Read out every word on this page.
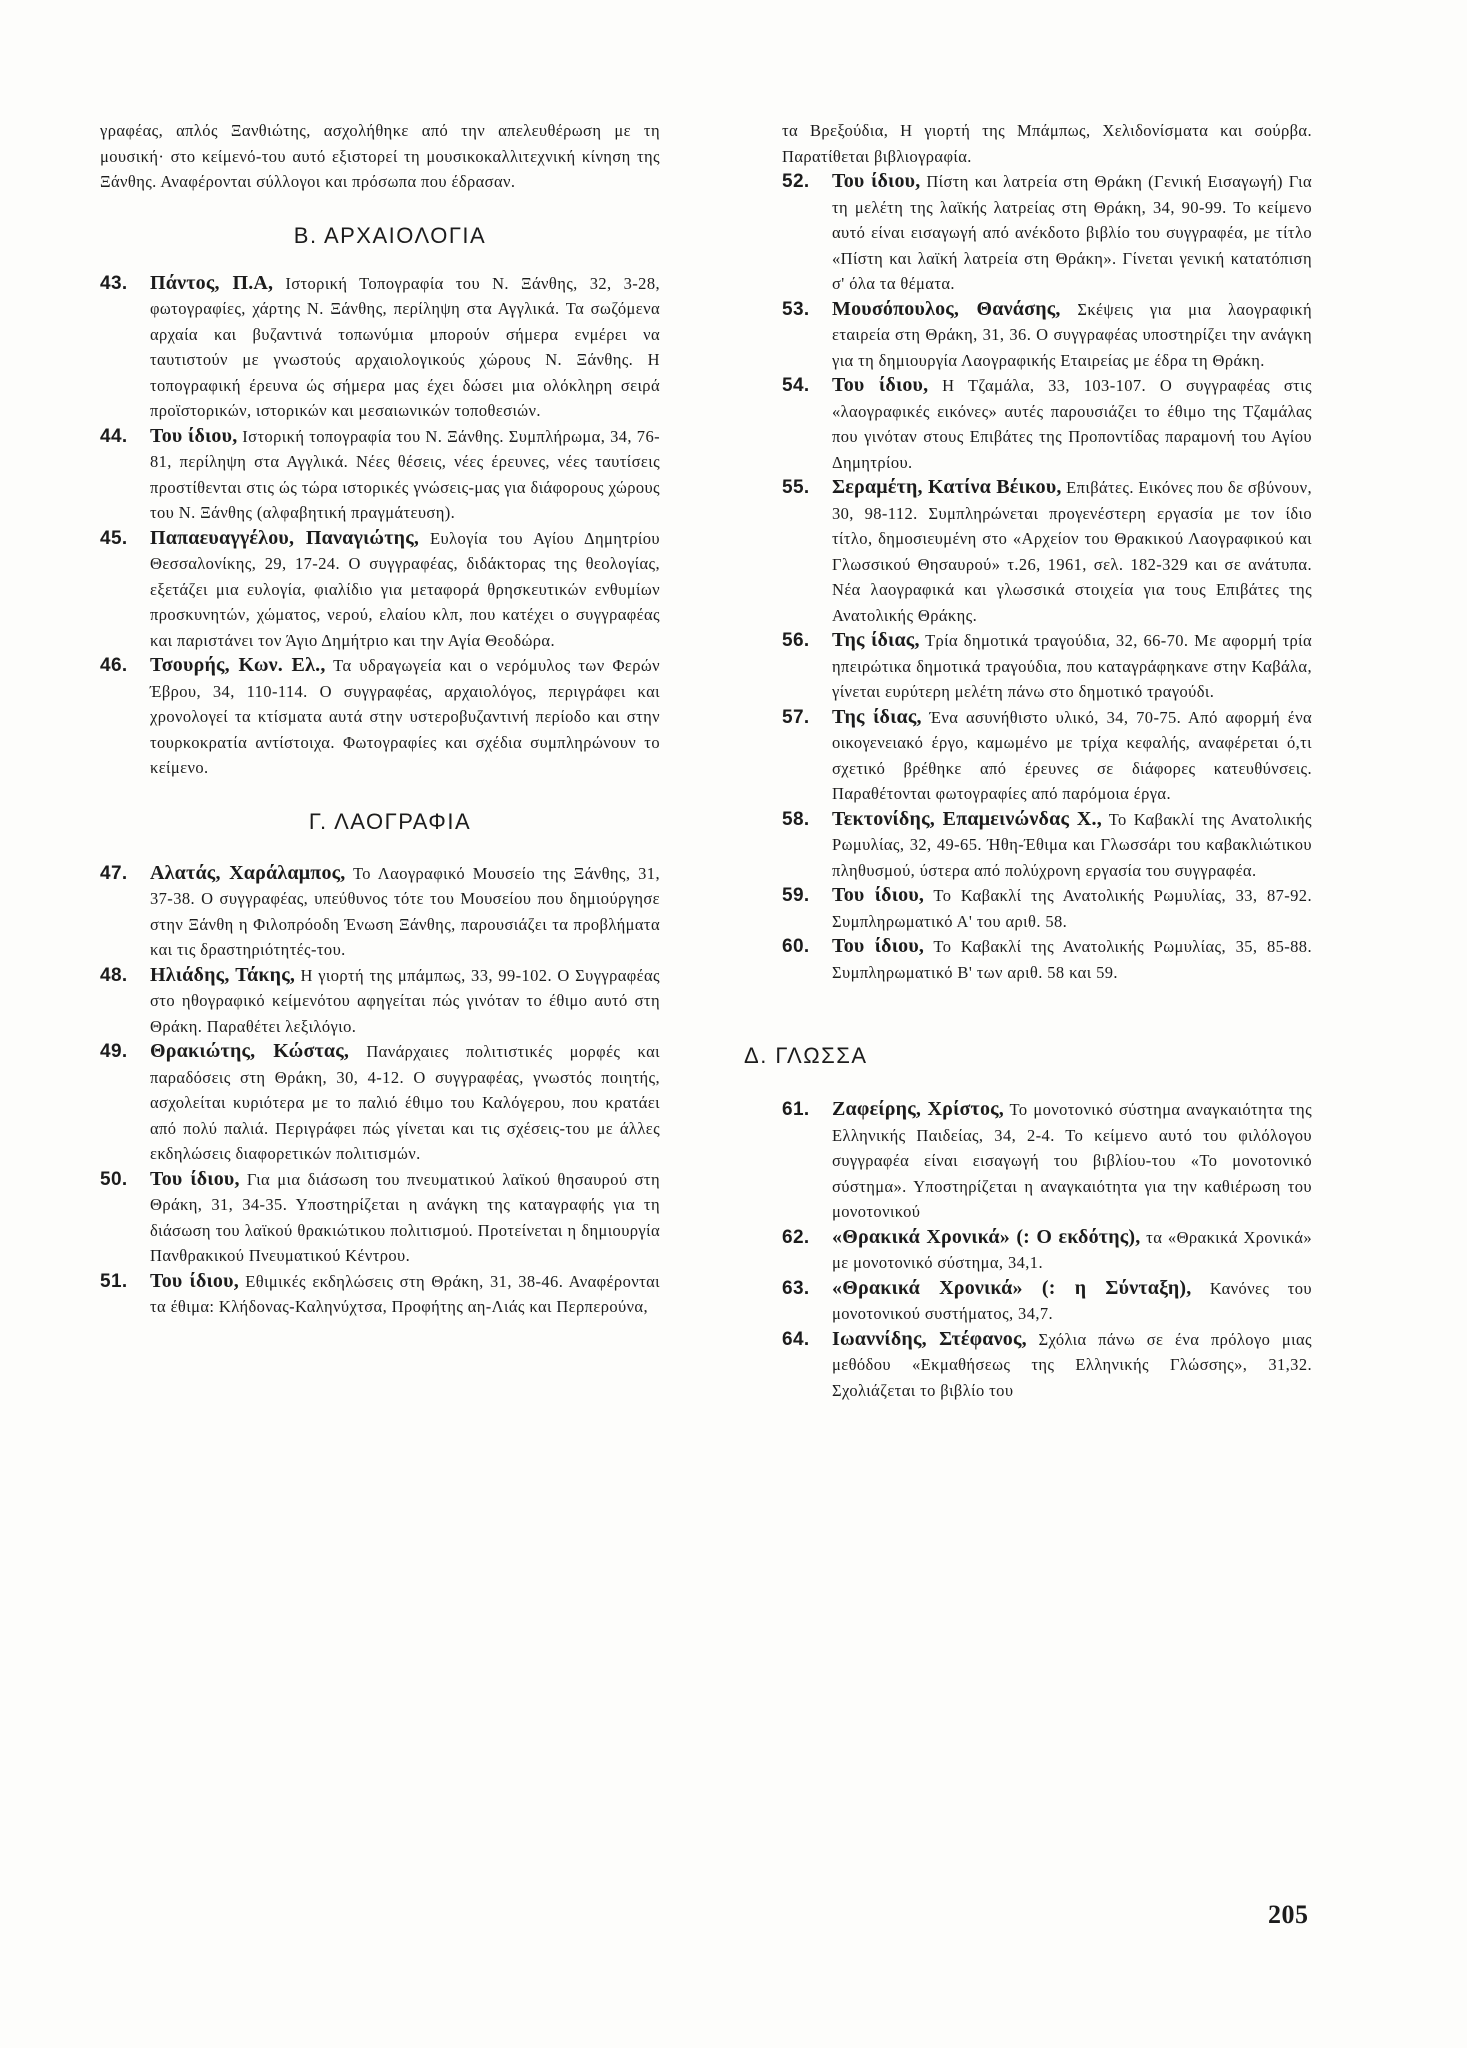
γραφέας, απλός Ξανθιώτης, ασχολήθηκε από την απελευθέρωση με τη μουσική· στο κείμενό-του αυτό εξιστορεί τη μουσικοκαλλιτεχνική κίνηση της Ξάνθης. Αναφέρονται σύλλογοι και πρόσωπα που έδρασαν.

Β. ΑΡΧΑΙΟΛΟΓΙΑ

43.	Πάντος, Π.Α, Ιστορική Τοπογραφία του Ν. Ξάνθης, 32, 3-28, φωτογραφίες, χάρτης Ν. Ξάνθης, περίληψη στα Αγγλικά. Τα σωζόμενα αρχαία και βυζαντινά τοπωνύμια μπορούν σήμερα ενμέρει να ταυτιστούν με γνωστούς αρχαιολογικούς χώρους Ν. Ξάνθης. Η τοπογραφική έρευνα ώς σήμερα μας έχει δώσει μια ολόκληρη σειρά προϊστορικών, ιστορικών και μεσαιωνικών τοποθεσιών.

44.	Του ίδιου, Ιστορική τοπογραφία του Ν. Ξάνθης. Συμπλήρωμα, 34, 76-81, περίληψη στα Αγγλικά. Νέες θέσεις, νέες έρευνες, νέες ταυτίσεις προστίθενται στις ώς τώρα ιστορικές γνώσεις-μας για διάφορους χώρους του Ν. Ξάνθης (αλφαβητική πραγμάτευση).

45.	Παπαευαγγέλου, Παναγιώτης, Ευλογία του Αγίου Δημητρίου Θεσσαλονίκης, 29, 17-24. Ο συγγραφέας, διδάκτορας της θεολογίας, εξετάζει μια ευλογία, φιαλίδιο για μεταφορά θρησκευτικών ενθυμίων προσκυνητών, χώματος, νερού, ελαίου κλπ, που κατέχει ο συγγραφέας και παριστάνει τον Άγιο Δημήτριο και την Αγία Θεοδώρα.

46.	Τσουρής, Κων. Ελ., Τα υδραγωγεία και ο νερόμυλος των Φερών Έβρου, 34, 110-114. Ο συγγραφέας, αρχαιολόγος, περιγράφει και χρονολογεί τα κτίσματα αυτά στην υστεροβυζαντινή περίοδο και στην τουρκοκρατία αντίστοιχα. Φωτογραφίες και σχέδια συμπληρώνουν το κείμενο.

Γ. ΛΑΟΓΡΑΦΙΑ

47.	Αλατάς, Χαράλαμπος, Το Λαογραφικό Μουσείο της Ξάνθης, 31, 37-38. Ο συγγραφέας, υπεύθυνος τότε του Μουσείου που δημιούργησε στην Ξάνθη η Φιλοπρόοδη Ένωση Ξάνθης, παρουσιάζει τα προβλήματα και τις δραστηριότητές-του.

48.	Ηλιάδης, Τάκης, Η γιορτή της μπάμπως, 33, 99-102. Ο Συγγραφέας στο ηθογραφικό κείμενότου αφηγείται πώς γινόταν το έθιμο αυτό στη Θράκη. Παραθέτει λεξιλόγιο.

49.	Θρακιώτης, Κώστας, Πανάρχαιες πολιτιστικές μορφές και παραδόσεις στη Θράκη, 30, 4-12. Ο συγγραφέας, γνωστός ποιητής, ασχολείται κυριότερα με το παλιό έθιμο του Καλόγερου, που κρατάει από πολύ παλιά. Περιγράφει πώς γίνεται και τις σχέσεις-του με άλλες εκδηλώσεις διαφορετικών πολιτισμών.

50.	Του ίδιου, Για μια διάσωση του πνευματικού λαϊκού θησαυρού στη Θράκη, 31, 34-35. Υποστηρίζεται η ανάγκη της καταγραφής για τη διάσωση του λαϊκού θρακιώτικου πολιτισμού. Προτείνεται η δημιουργία Πανθρακικού Πνευματικού Κέντρου.

51.	Του ίδιου, Εθιμικές εκδηλώσεις στη Θράκη, 31, 38-46. Αναφέρονται τα έθιμα: Κλήδονας-Καληνύχτσα, Προφήτης αη-Λιάς και Περπερούνα,

τα Βρεξούδια, Η γιορτή της Μπάμπως, Χελιδονίσματα και σούρβα. Παρατίθεται βιβλιογραφία.

52.	Του ίδιου, Πίστη και λατρεία στη Θράκη (Γενική Εισαγωγή) Για τη μελέτη της λαϊκής λατρείας στη Θράκη, 34, 90-99. Το κείμενο αυτό είναι εισαγωγή από ανέκδοτο βιβλίο του συγγραφέα, με τίτλο «Πίστη και λαϊκή λατρεία στη Θράκη». Γίνεται γενική κατατόπιση σ' όλα τα θέματα.

53.	Μουσόπουλος, Θανάσης, Σκέψεις για μια λαογραφική εταιρεία στη Θράκη, 31, 36. Ο συγγραφέας υποστηρίζει την ανάγκη για τη δημιουργία Λαογραφικής Εταιρείας με έδρα τη Θράκη.

54.	Του ίδιου, Η Τζαμάλα, 33, 103-107. Ο συγγραφέας στις «λαογραφικές εικόνες» αυτές παρουσιάζει το έθιμο της Τζαμάλας που γινόταν στους Επιβάτες της Προποντίδας παραμονή του Αγίου Δημητρίου.

55.	Σεραμέτη, Κατίνα Βέικου, Επιβάτες. Εικόνες που δε σβύνουν, 30, 98-112. Συμπληρώνεται προγενέστερη εργασία με τον ίδιο τίτλο, δημοσιευμένη στο «Αρχείον του Θρακικού Λαογραφικού και Γλωσσικού Θησαυρού» τ.26, 1961, σελ. 182-329 και σε ανάτυπα. Νέα λαογραφικά και γλωσσικά στοιχεία για τους Επιβάτες της Ανατολικής Θράκης.

56.	Της ίδιας, Τρία δημοτικά τραγούδια, 32, 66-70. Με αφορμή τρία ηπειρώτικα δημοτικά τραγούδια, που καταγράφηκανε στην Καβάλα, γίνεται ευρύτερη μελέτη πάνω στο δημοτικό τραγούδι.

57.	Της ίδιας, Ένα ασυνήθιστο υλικό, 34, 70-75. Από αφορμή ένα οικογενειακό έργο, καμωμένο με τρίχα κεφαλής, αναφέρεται ό,τι σχετικό βρέθηκε από έρευνες σε διάφορες κατευθύνσεις. Παραθέτονται φωτογραφίες από παρόμοια έργα.

58.	Τεκτονίδης, Επαμεινώνδας Χ., Το Καβακλί της Ανατολικής Ρωμυλίας, 32, 49-65. Ήθη-Έθιμα και Γλωσσάρι του καβακλιώτικου πληθυσμού, ύστερα από πολύχρονη εργασία του συγγραφέα.

59.	Του ίδιου, Το Καβακλί της Ανατολικής Ρωμυλίας, 33, 87-92. Συμπληρωματικό Α' του αριθ. 58.

60.	Του ίδιου, Το Καβακλί της Ανατολικής Ρωμυλίας, 35, 85-88. Συμπληρωματικό Β' των αριθ. 58 και 59.

Δ. ΓΛΩΣΣΑ

61.	Ζαφείρης, Χρίστος, Το μονοτονικό σύστημα αναγκαιότητα της Ελληνικής Παιδείας, 34, 2-4. Το κείμενο αυτό του φιλόλογου συγγραφέα είναι εισαγωγή του βιβλίου-του «Το μονοτονικό σύστημα». Υποστηρίζεται η αναγκαιότητα για την καθιέρωση του μονοτονικού

62.	«Θρακικά Χρονικά» (: Ο εκδότης), τα «Θρακικά Χρονικά» με μονοτονικό σύστημα, 34,1.

63.	«Θρακικά Χρονικά» (: η Σύνταξη), Κανόνες του μονοτονικού συστήματος, 34,7.

64.	Ιωαννίδης, Στέφανος, Σχόλια πάνω σε ένα πρόλογο μιας μεθόδου «Εκμαθήσεως της Ελληνικής Γλώσσης», 31,32. Σχολιάζεται το βιβλίο του

205
